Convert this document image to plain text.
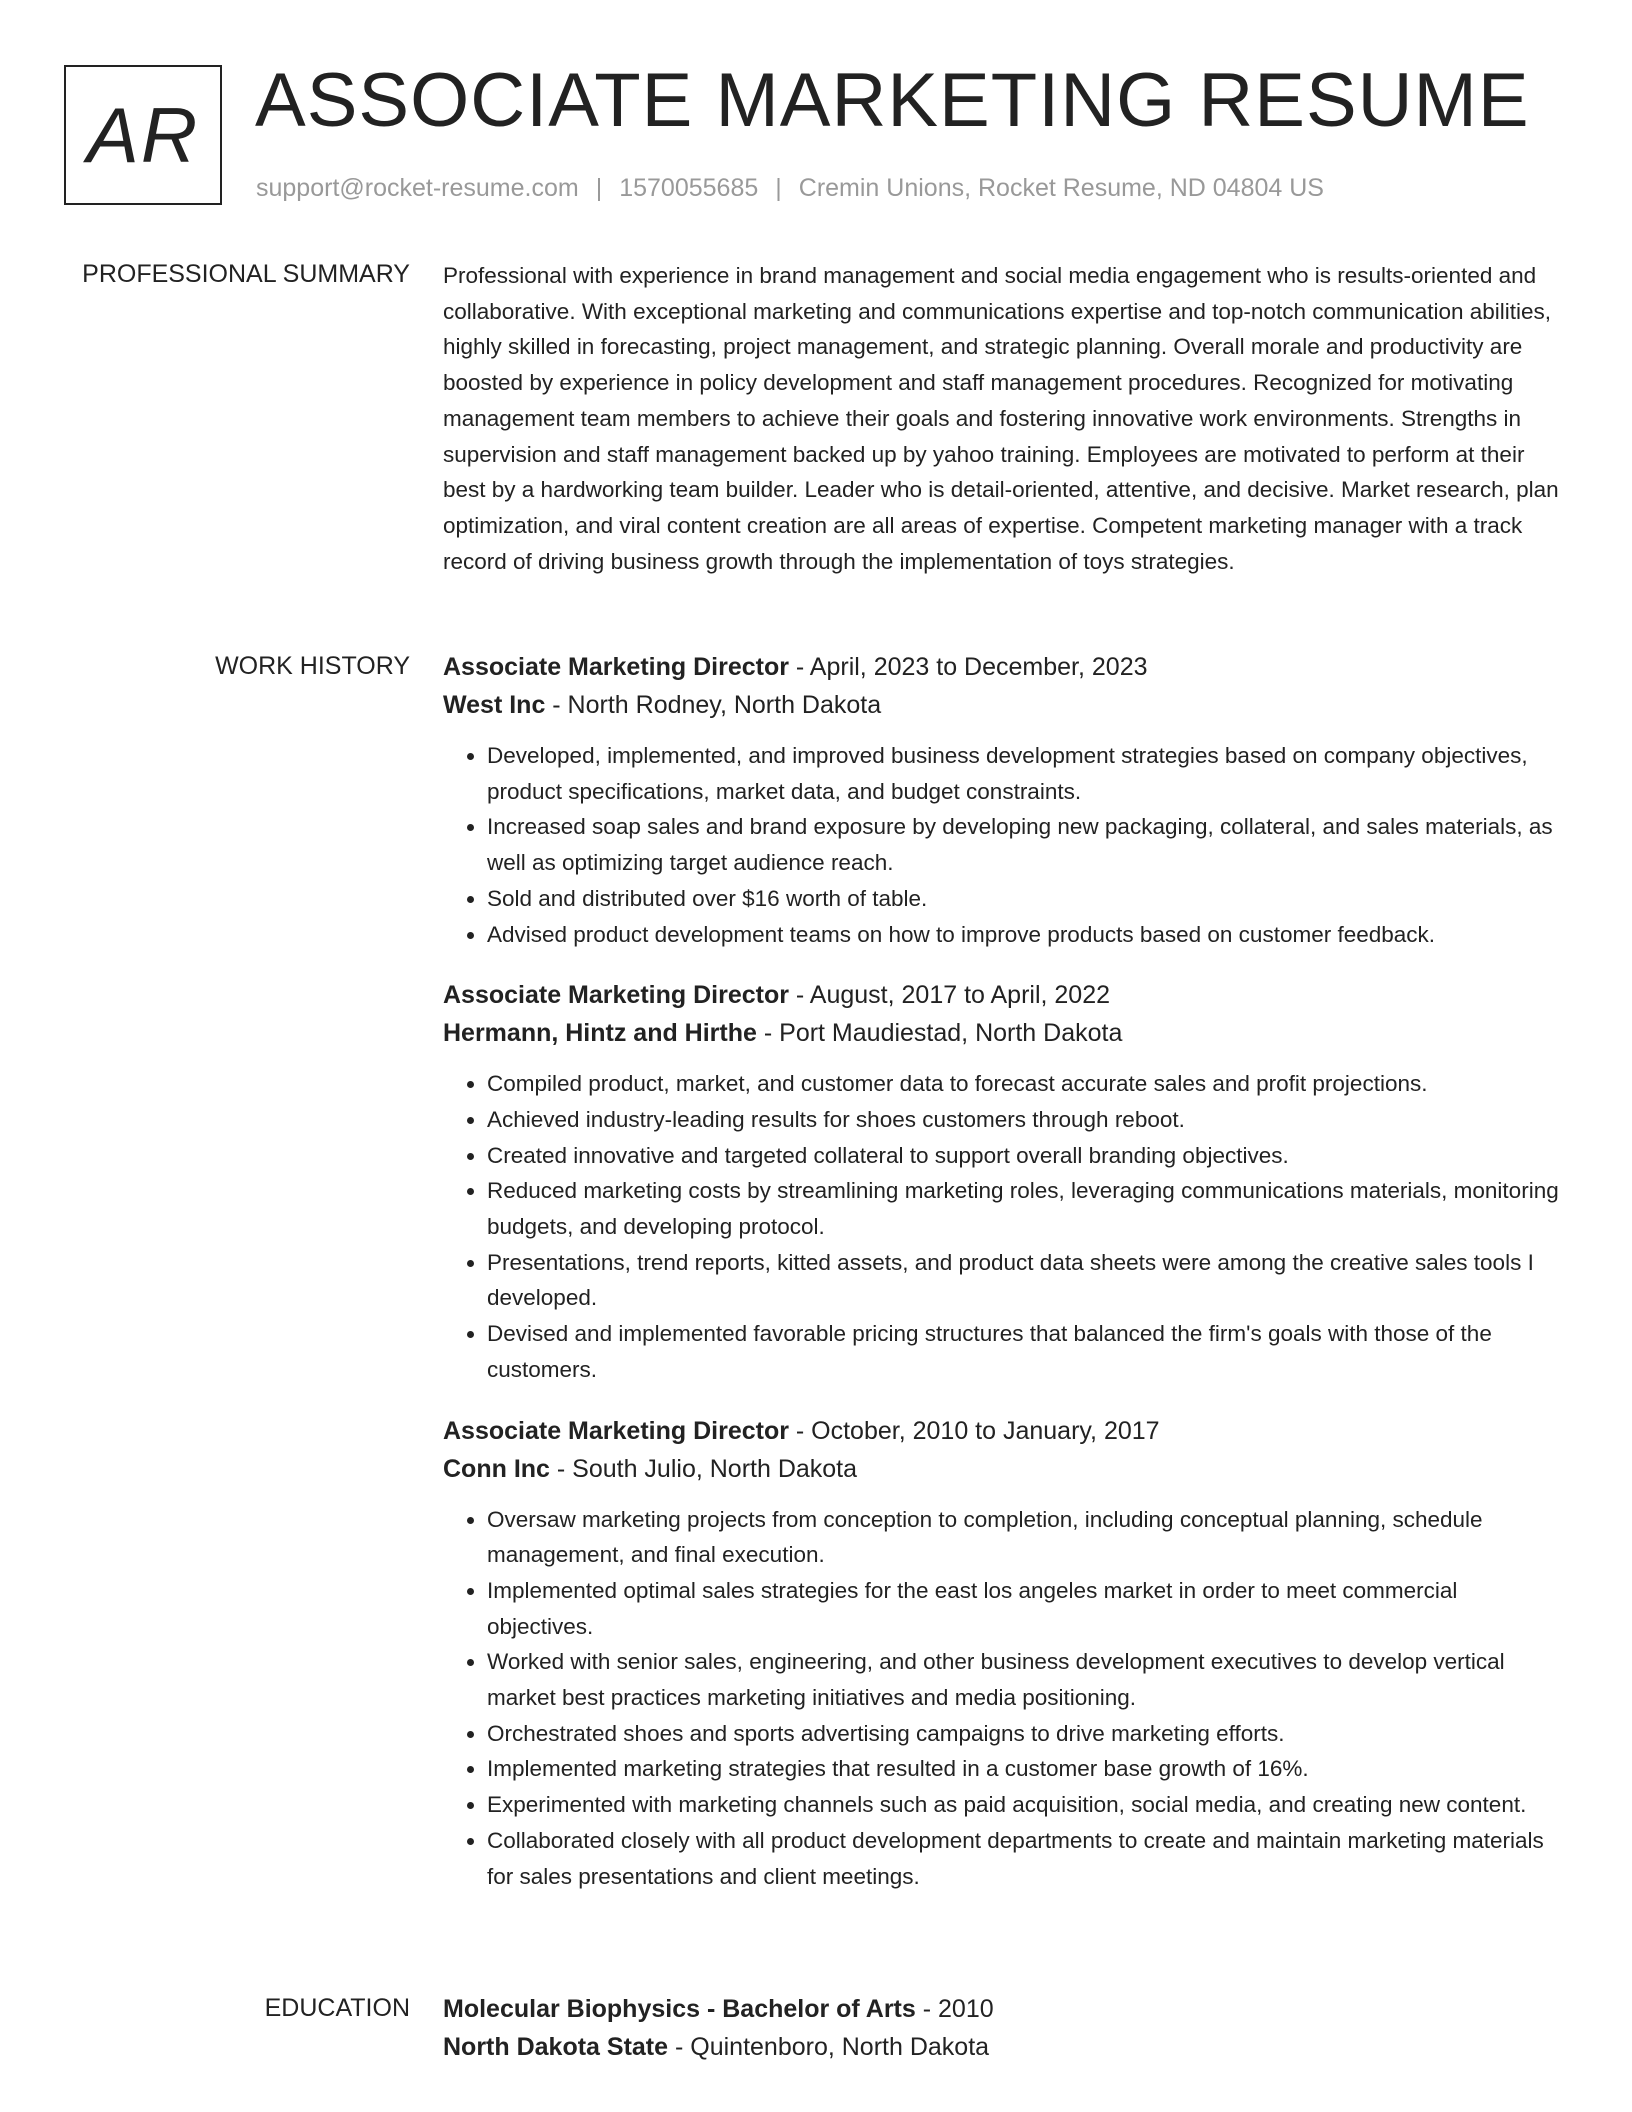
AR ASSOCIATE MARKETING RESUME
support@rocket-resume.com | 1570055685 | Cremin Unions, Rocket Resume, ND 04804 US
PROFESSIONAL SUMMARY Professional with experience in brand management and social media engagement who is results-oriented and collaborative. With exceptional marketing and communications expertise and top-notch communication abilities, highly skilled in forecasting, project management, and strategic planning. Overall morale and productivity are boosted by experience in policy development and staff management procedures. Recognized for motivating management team members to achieve their goals and fostering innovative work environments. Strengths in supervision and staff management backed up by yahoo training. Employees are motivated to perform at their best by a hardworking team builder. Leader who is detail-oriented, attentive, and decisive. Market research, plan optimization, and viral content creation are all areas of expertise. Competent marketing manager with a track record of driving business growth through the implementation of toys strategies.

WORK HISTORY Associate Marketing Director - April, 2023 to December, 2023
West Inc - North Rodney, North Dakota
• Developed, implemented, and improved business development strategies based on company objectives, product specifications, market data, and budget constraints.
• Increased soap sales and brand exposure by developing new packaging, collateral, and sales materials, as well as optimizing target audience reach.
• Sold and distributed over $16 worth of table.
• Advised product development teams on how to improve products based on customer feedback.
Associate Marketing Director - August, 2017 to April, 2022
Hermann, Hintz and Hirthe - Port Maudiestad, North Dakota
• Compiled product, market, and customer data to forecast accurate sales and profit projections.
• Achieved industry-leading results for shoes customers through reboot.
• Created innovative and targeted collateral to support overall branding objectives.
• Reduced marketing costs by streamlining marketing roles, leveraging communications materials, monitoring budgets, and developing protocol.
• Presentations, trend reports, kitted assets, and product data sheets were among the creative sales tools I developed.
• Devised and implemented favorable pricing structures that balanced the firm's goals with those of the customers.
Associate Marketing Director - October, 2010 to January, 2017
Conn Inc - South Julio, North Dakota
• Oversaw marketing projects from conception to completion, including conceptual planning, schedule management, and final execution.
• Implemented optimal sales strategies for the east los angeles market in order to meet commercial objectives.
• Worked with senior sales, engineering, and other business development executives to develop vertical market best practices marketing initiatives and media positioning.
• Orchestrated shoes and sports advertising campaigns to drive marketing efforts.
• Implemented marketing strategies that resulted in a customer base growth of 16%.
• Experimented with marketing channels such as paid acquisition, social media, and creating new content.
• Collaborated closely with all product development departments to create and maintain marketing materials for sales presentations and client meetings.
EDUCATION Molecular Biophysics - Bachelor of Arts - 2010
North Dakota State - Quintenboro, North Dakota
